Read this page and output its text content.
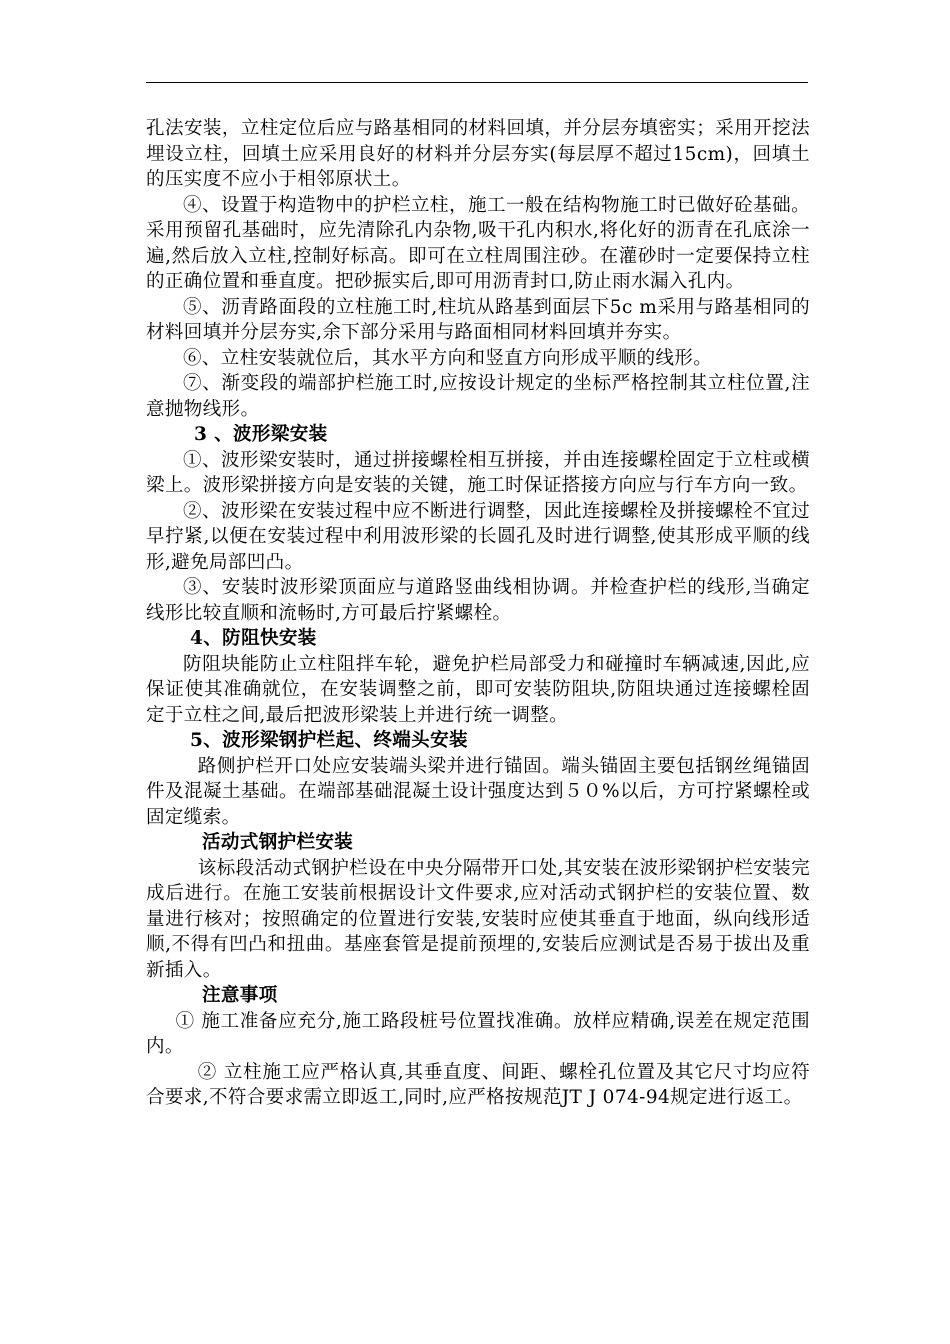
孔法安装，立柱定位后应与路基相同的材料回填，并分层夯填密实；采用开挖法埋设立柱，回填土应采用良好的材料并分层夯实(每层厚不超过15cm)，回填土的压实度不应小于相邻原状土。

④、设置于构造物中的护栏立柱，施工一般在结构物施工时已做好砼基础。采用预留孔基础时，应先清除孔内杂物,吸干孔内积水,将化好的沥青在孔底涂一遍,然后放入立柱,控制好标高。即可在立柱周围注砂。在灌砂时一定要保持立柱的正确位置和垂直度。把砂振实后,即可用沥青封口,防止雨水漏入孔内。

⑤、沥青路面段的立柱施工时,柱坑从路基到面层下5c m采用与路基相同的材料回填并分层夯实,余下部分采用与路面相同材料回填并夯实。

⑥、立柱安装就位后，其水平方向和竖直方向形成平顺的线形。

⑦、渐变段的端部护栏施工时,应按设计规定的坐标严格控制其立柱位置,注意抛物线形。

3 、波形梁安装

①、波形梁安装时，通过拼接螺栓相互拼接，并由连接螺栓固定于立柱或横梁上。波形梁拼接方向是安装的关键，施工时保证搭接方向应与行车方向一致。

②、波形梁在安装过程中应不断进行调整，因此连接螺栓及拼接螺栓不宜过早拧紧,以便在安装过程中利用波形梁的长圆孔及时进行调整,使其形成平顺的线形,避免局部凹凸。

③、安装时波形梁顶面应与道路竖曲线相协调。并检查护栏的线形,当确定线形比较直顺和流畅时,方可最后拧紧螺栓。

4、防阻快安装

防阻块能防止立柱阻拌车轮，避免护栏局部受力和碰撞时车辆减速,因此,应保证使其准确就位，在安装调整之前，即可安装防阻块,防阻块通过连接螺栓固定于立柱之间,最后把波形梁装上并进行统一调整。

5、波形梁钢护栏起、终端头安装

路侧护栏开口处应安装端头梁并进行锚固。端头锚固主要包括钢丝绳锚固件及混凝土基础。在端部基础混凝土设计强度达到５０%以后，方可拧紧螺栓或固定缆索。

活动式钢护栏安装

该标段活动式钢护栏设在中央分隔带开口处,其安装在波形梁钢护栏安装完成后进行。在施工安装前根据设计文件要求,应对活动式钢护栏的安装位置、数量进行核对；按照确定的位置进行安装,安装时应使其垂直于地面，纵向线形适顺,不得有凹凸和扭曲。基座套管是提前预埋的,安装后应测试是否易于拔出及重新插入。

注意事项

① 施工准备应充分,施工路段桩号位置找准确。放样应精确,误差在规定范围内。

② 立柱施工应严格认真,其垂直度、间距、螺栓孔位置及其它尺寸均应符合要求,不符合要求需立即返工,同时,应严格按规范JT J 074-94规定进行返工。
